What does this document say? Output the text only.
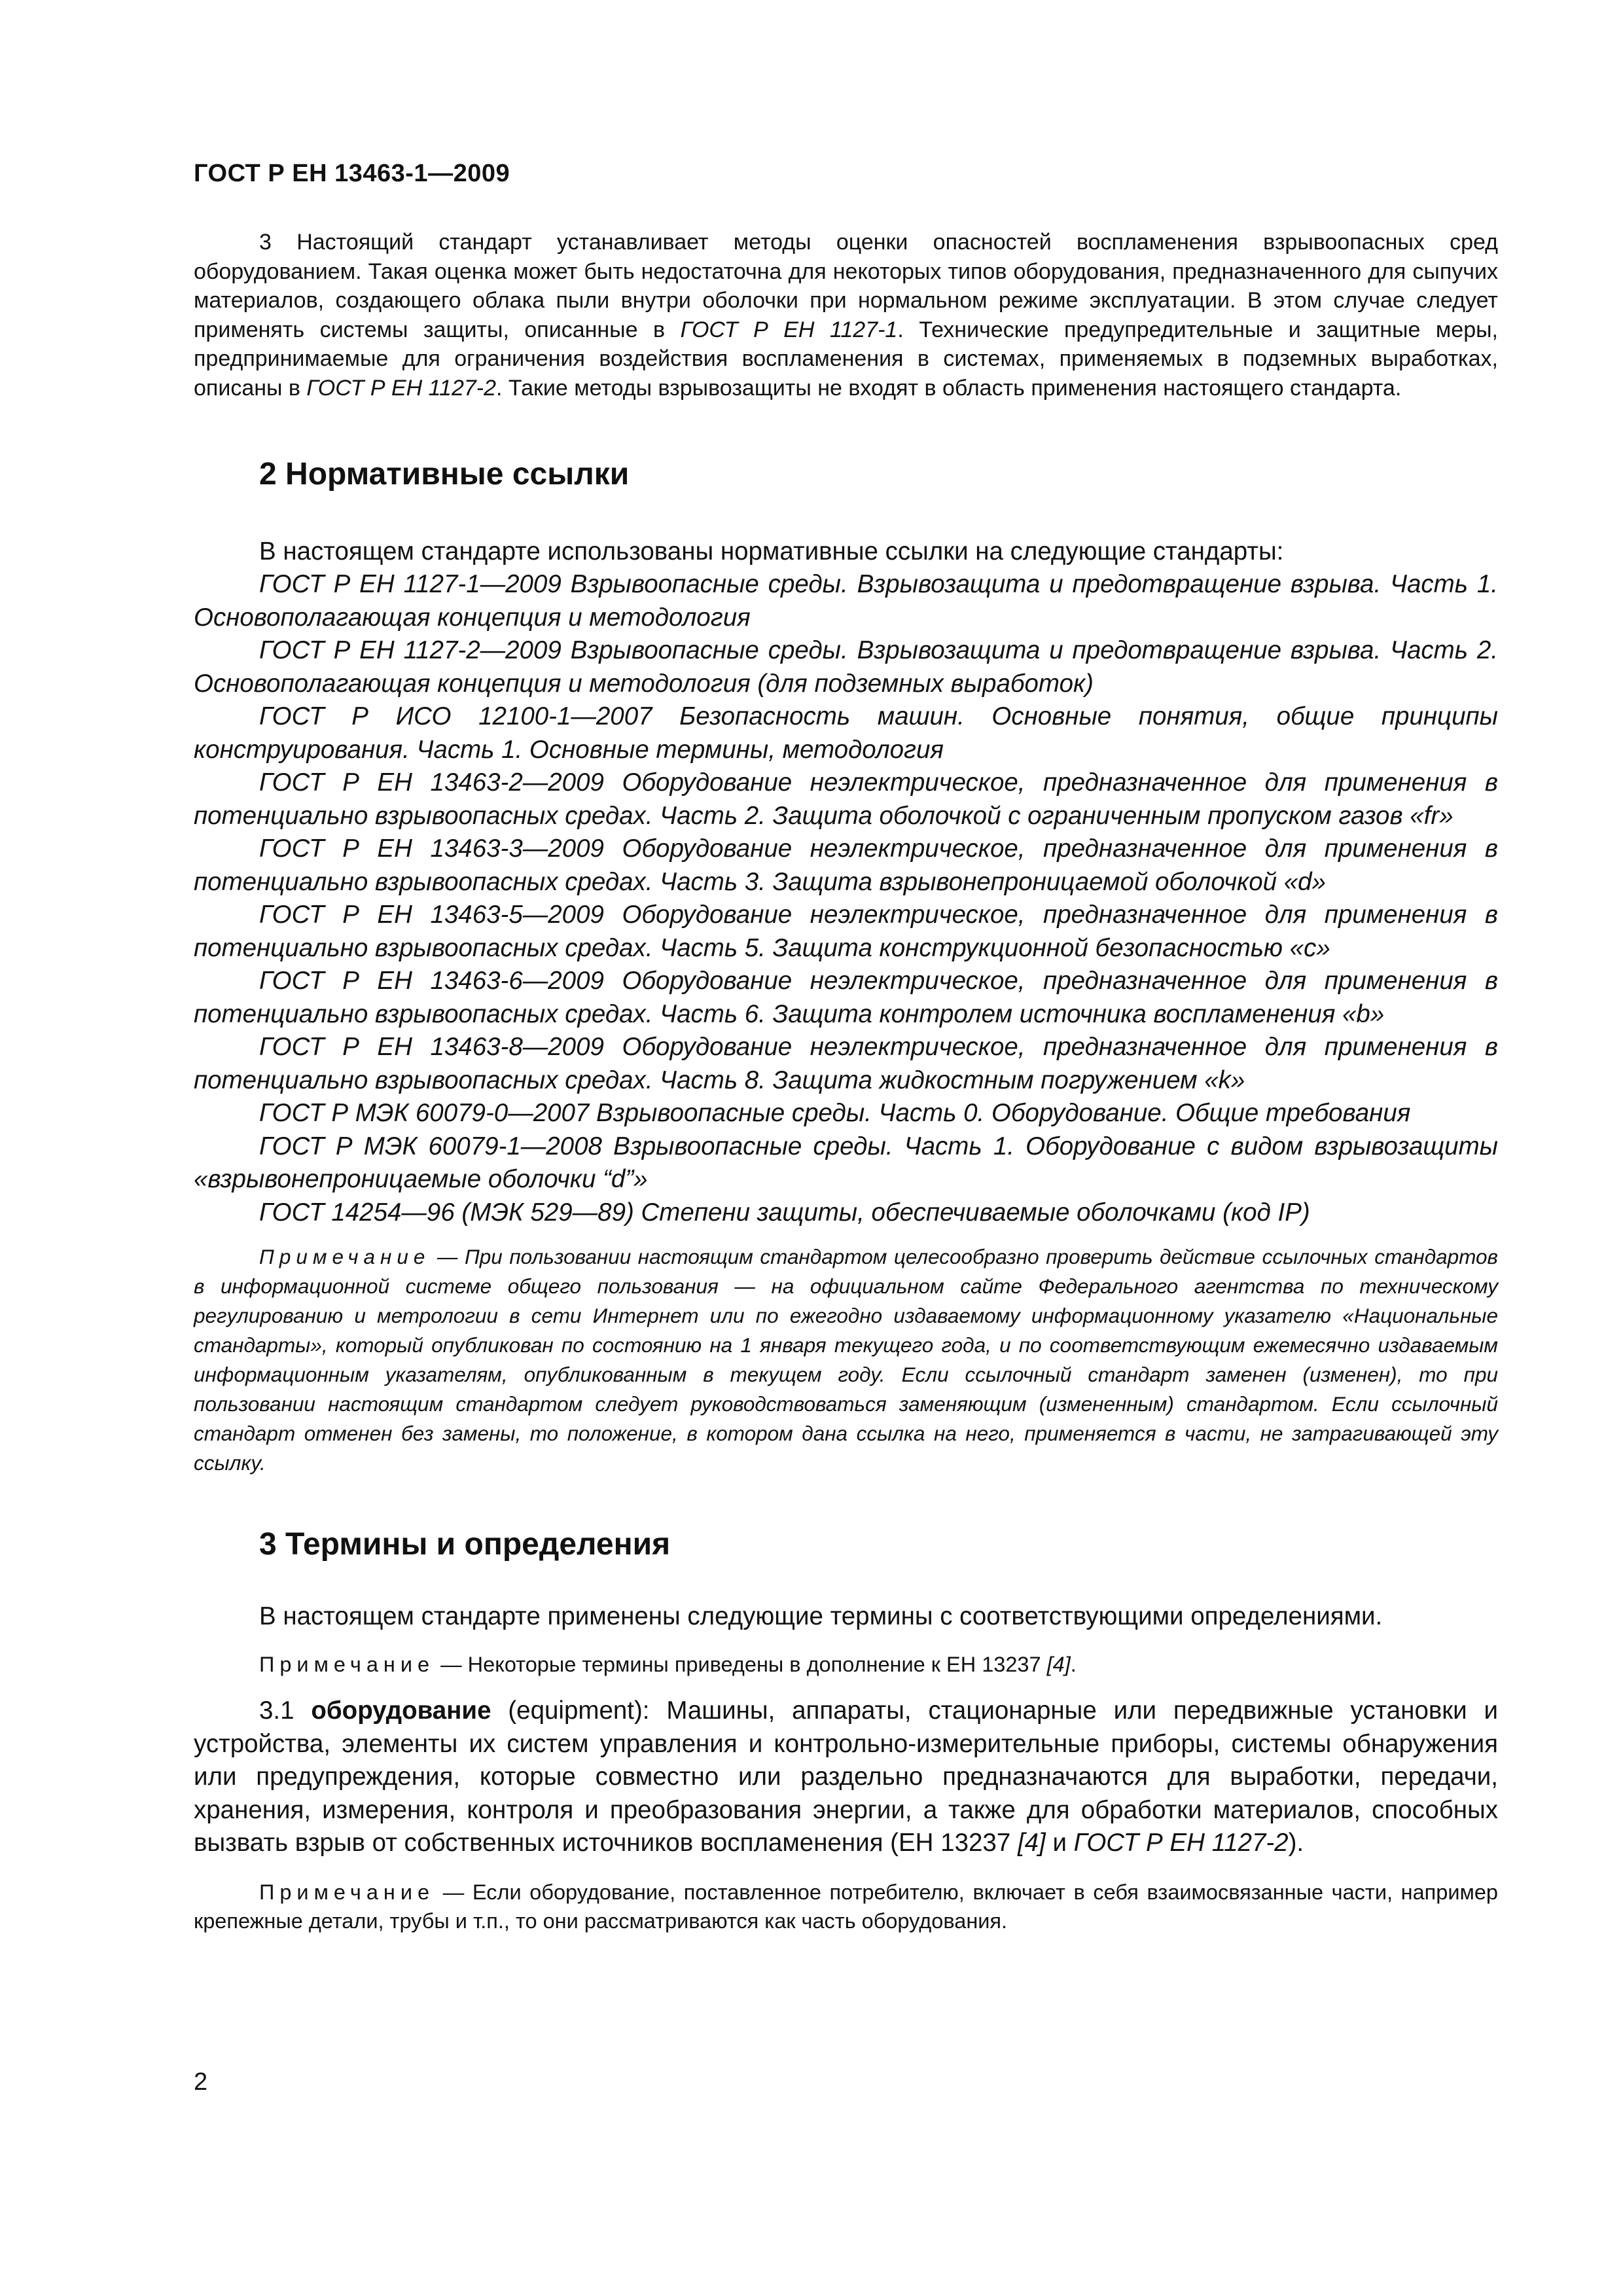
ГОСТ Р ЕН 13463-1—2009

3 Настоящий стандарт устанавливает методы оценки опасностей воспламенения взрывоопасных сред оборудованием. Такая оценка может быть недостаточна для некоторых типов оборудования, предназначенного для сыпучих материалов, создающего облака пыли внутри оболочки при нормальном режиме эксплуатации. В этом случае следует применять системы защиты, описанные в ГОСТ Р ЕН 1127-1. Технические предупредительные и защитные меры, предпринимаемые для ограничения воздействия воспламенения в системах, применяемых в подземных выработках, описаны в ГОСТ Р ЕН 1127-2. Такие методы взрывозащиты не входят в область применения настоящего стандарта.

2 Нормативные ссылки

В настоящем стандарте использованы нормативные ссылки на следующие стандарты:

ГОСТ Р ЕН 1127-1—2009 Взрывоопасные среды. Взрывозащита и предотвращение взрыва. Часть 1. Основополагающая концепция и методология

ГОСТ Р ЕН 1127-2—2009 Взрывоопасные среды. Взрывозащита и предотвращение взрыва. Часть 2. Основополагающая концепция и методология (для подземных выработок)

ГОСТ Р ИСО 12100-1—2007 Безопасность машин. Основные понятия, общие принципы конструирования. Часть 1. Основные термины, методология

ГОСТ Р ЕН 13463-2—2009 Оборудование неэлектрическое, предназначенное для применения в потенциально взрывоопасных средах. Часть 2. Защита оболочкой с ограниченным пропуском газов «fr»

ГОСТ Р ЕН 13463-3—2009 Оборудование неэлектрическое, предназначенное для применения в потенциально взрывоопасных средах. Часть 3. Защита взрывонепроницаемой оболочкой «d»

ГОСТ Р ЕН 13463-5—2009 Оборудование неэлектрическое, предназначенное для применения в потенциально взрывоопасных средах. Часть 5. Защита конструкционной безопасностью «с»

ГОСТ Р ЕН 13463-6—2009 Оборудование неэлектрическое, предназначенное для применения в потенциально взрывоопасных средах. Часть 6. Защита контролем источника воспламенения «b»

ГОСТ Р ЕН 13463-8—2009 Оборудование неэлектрическое, предназначенное для применения в потенциально взрывоопасных средах. Часть 8. Защита жидкостным погружением «k»

ГОСТ Р МЭК 60079-0—2007 Взрывоопасные среды. Часть 0. Оборудование. Общие требования

ГОСТ Р МЭК 60079-1—2008 Взрывоопасные среды. Часть 1. Оборудование с видом взрывозащиты «взрывонепроницаемые оболочки “d”»

ГОСТ 14254—96 (МЭК 529—89) Степени защиты, обеспечиваемые оболочками (код IP)

Примечание — При пользовании настоящим стандартом целесообразно проверить действие ссылочных стандартов в информационной системе общего пользования — на официальном сайте Федерального агентства по техническому регулированию и метрологии в сети Интернет или по ежегодно издаваемому информационному указателю «Национальные стандарты», который опубликован по состоянию на 1 января текущего года, и по соответствующим ежемесячно издаваемым информационным указателям, опубликованным в текущем году. Если ссылочный стандарт заменен (изменен), то при пользовании настоящим стандартом следует руководствоваться заменяющим (измененным) стандартом. Если ссылочный стандарт отменен без замены, то положение, в котором дана ссылка на него, применяется в части, не затрагивающей эту ссылку.

3 Термины и определения

В настоящем стандарте применены следующие термины с соответствующими определениями.

Примечание — Некоторые термины приведены в дополнение к ЕН 13237 [4].

3.1 оборудование (equipment): Машины, аппараты, стационарные или передвижные установки и устройства, элементы их систем управления и контрольно-измерительные приборы, системы обнаружения или предупреждения, которые совместно или раздельно предназначаются для выработки, передачи, хранения, измерения, контроля и преобразования энергии, а также для обработки материалов, способных вызвать взрыв от собственных источников воспламенения (ЕН 13237 [4] и ГОСТ Р ЕН 1127-2).

Примечание — Если оборудование, поставленное потребителю, включает в себя взаимосвязанные части, например крепежные детали, трубы и т.п., то они рассматриваются как часть оборудования.

2
